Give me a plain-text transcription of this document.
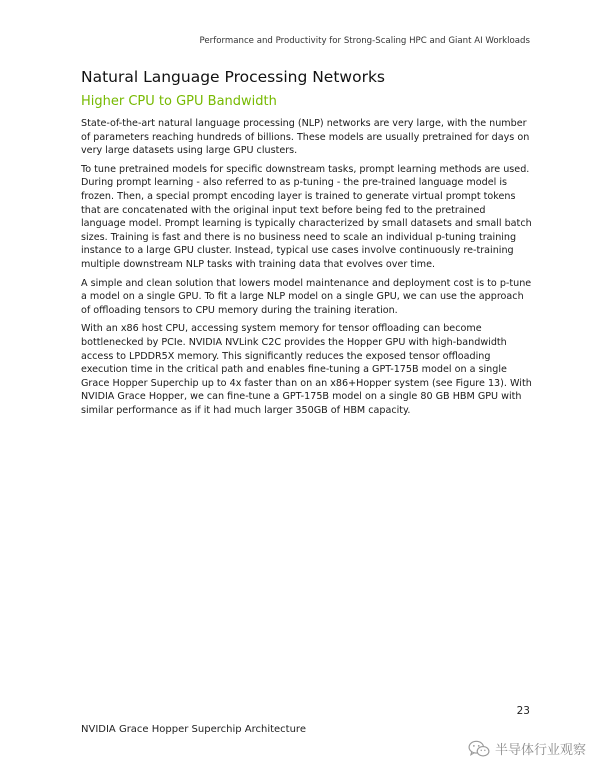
Performance and Productivity for Strong-Scaling HPC and Giant AI Workloads
Natural Language Processing Networks
Higher CPU to GPU Bandwidth

State-of-the-art natural language processing (NLP) networks are very large, with the number of parameters reaching hundreds of billions. These models are usually pretrained for days on very large datasets using large GPU clusters.

To tune pretrained models for specific downstream tasks, prompt learning methods are used. During prompt learning - also referred to as p-tuning - the pre-trained language model is frozen. Then, a special prompt encoding layer is trained to generate virtual prompt tokens that are concatenated with the original input text before being fed to the pretrained language model. Prompt learning is typically characterized by small datasets and small batch sizes. Training is fast and there is no business need to scale an individual p-tuning training instance to a large GPU cluster. Instead, typical use cases involve continuously re-training multiple downstream NLP tasks with training data that evolves over time.

A simple and clean solution that lowers model maintenance and deployment cost is to p-tune a model on a single GPU. To fit a large NLP model on a single GPU, we can use the approach of offloading tensors to CPU memory during the training iteration.

With an x86 host CPU, accessing system memory for tensor offloading can become bottlenecked by PCIe. NVIDIA NVLink C2C provides the Hopper GPU with high-bandwidth access to LPDDR5X memory. This significantly reduces the exposed tensor offloading execution time in the critical path and enables fine-tuning a GPT-175B model on a single Grace Hopper Superchip up to 4x faster than on an x86+Hopper system (see Figure 13). With NVIDIA Grace Hopper, we can fine-tune a GPT-175B model on a single 80 GB HBM GPU with similar performance as if it had much larger 350GB of HBM capacity.

23
NVIDIA Grace Hopper Superchip Architecture
半导体行业观察
